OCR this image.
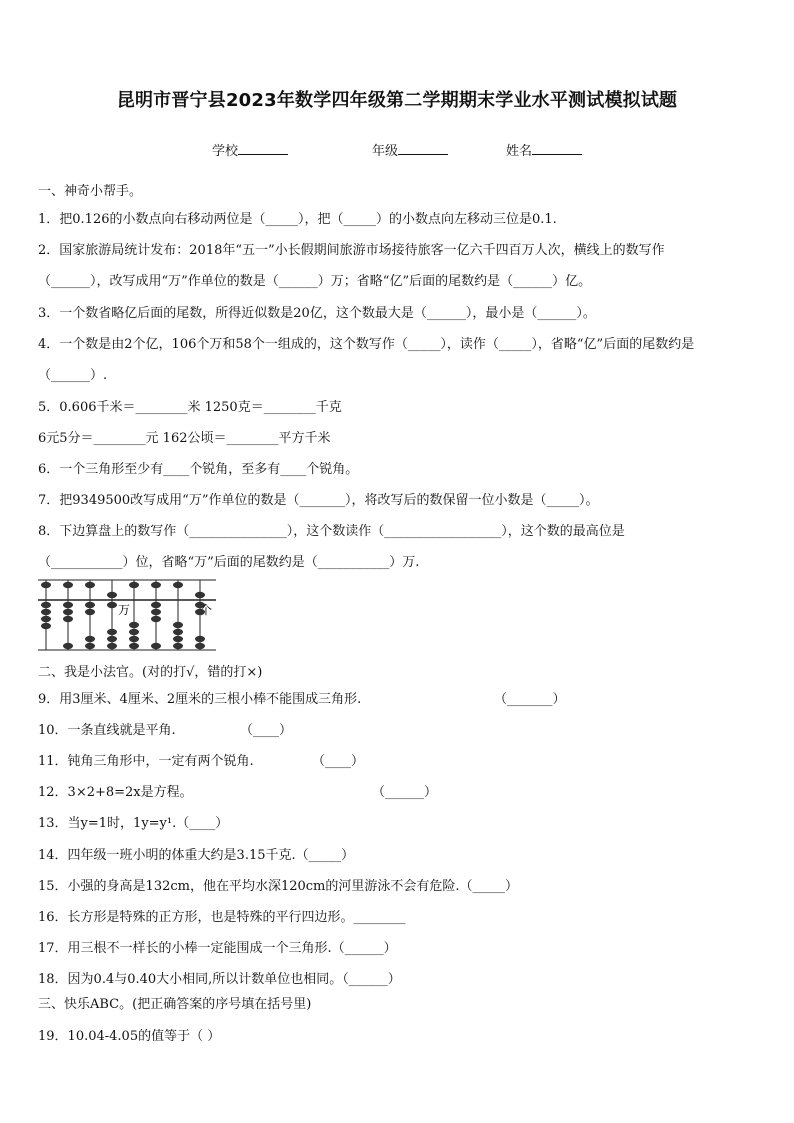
昆明市晋宁县2023年数学四年级第二学期期末学业水平测试模拟试题
学校	年级	姓名
一、神奇小帮手。
1．把0.126的小数点向右移动两位是（_____），把（_____）的小数点向左移动三位是0.1.
2．国家旅游局统计发布：2018年“五一”小长假期间旅游市场接待旅客一亿六千四百万人次，横线上的数写作
（______），改写成用“万”作单位的数是（______）万；省略“亿”后面的尾数约是（______）亿。
3．一个数省略亿后面的尾数，所得近似数是20亿，这个数最大是（______），最小是（______）。
4．一个数是由2个亿，106个万和58个一组成的，这个数写作（_____），读作（_____），省略“亿”后面的尾数约是
（______）.
5．0.606千米＝________米 1250克＝________千克
6元5分＝________元 162公顷＝________平方千米
6．一个三角形至少有____个锐角，至多有____个锐角。
7．把9349500改写成用“万”作单位的数是（_______），将改写后的数保留一位小数是（_____）。
8．下边算盘上的数写作（_______________），这个数读作（__________________），这个数的最高位是
（___________）位，省略“万”后面的尾数约是（___________）万.
万	个
二、我是小法官。(对的打√，错的打×)
9．用3厘米、4厘米、2厘米的三根小棒不能围成三角形.	（_______）
10．一条直线就是平角.	（____）
11．钝角三角形中，一定有两个锐角.	（____）
12．3×2+8=2x是方程。	（______）
13．当y=1时，1y=y¹.（____）
14．四年级一班小明的体重大约是3.15千克.（_____）
15．小强的身高是132cm，他在平均水深120cm的河里游泳不会有危险.（_____）
16．长方形是特殊的正方形，也是特殊的平行四边形。________
17．用三根不一样长的小棒一定能围成一个三角形.（______）
18．因为0.4与0.40大小相同,所以计数单位也相同。（______）
三、快乐ABC。(把正确答案的序号填在括号里)
19．10.04-4.05的值等于（ ）
